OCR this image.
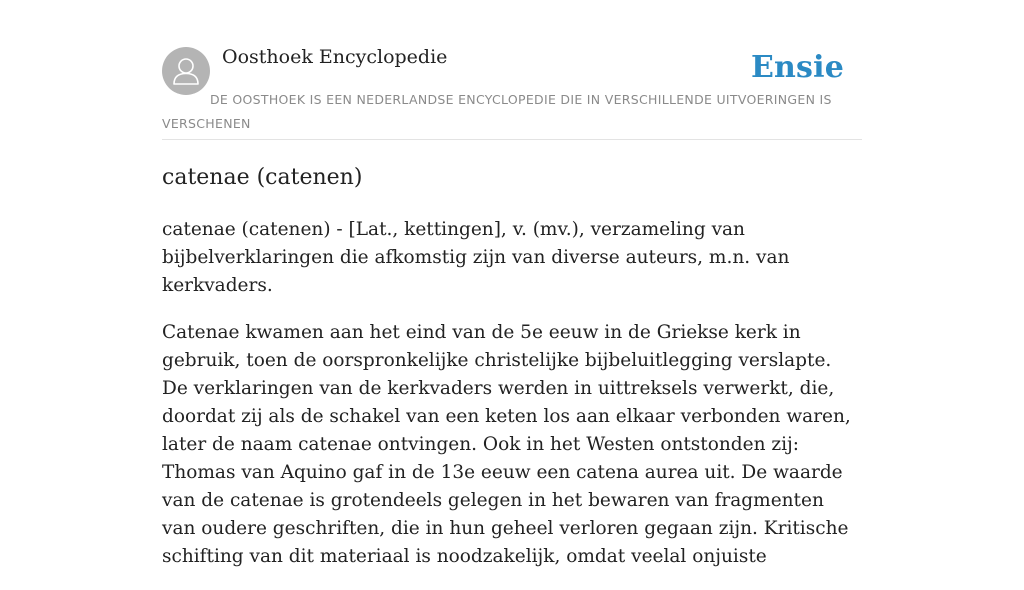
Oosthoek Encyclopedie	Ensie
DE OOSTHOEK IS EEN NEDERLANDSE ENCYCLOPEDIE DIE IN VERSCHILLENDE UITVOERINGEN IS VERSCHENEN
catenae (catenen)

catenae (catenen) - [Lat., kettingen], v. (mv.), verzameling van bijbelverklaringen die afkomstig zijn van diverse auteurs, m.n. van kerkvaders.

Catenae kwamen aan het eind van de 5e eeuw in de Griekse kerk in gebruik, toen de oorspronkelijke christelijke bijbeluitlegging verslapte. De verklaringen van de kerkvaders werden in uittreksels verwerkt, die, doordat zij als de schakel van een keten los aan elkaar verbonden waren, later de naam catenae ontvingen. Ook in het Westen ontstonden zij: Thomas van Aquino gaf in de 13e eeuw een catena aurea uit. De waarde van de catenae is grotendeels gelegen in het bewaren van fragmenten van oudere geschriften, die in hun geheel verloren gegaan zijn. Kritische schifting van dit materiaal is noodzakelijk, omdat veelal onjuiste
